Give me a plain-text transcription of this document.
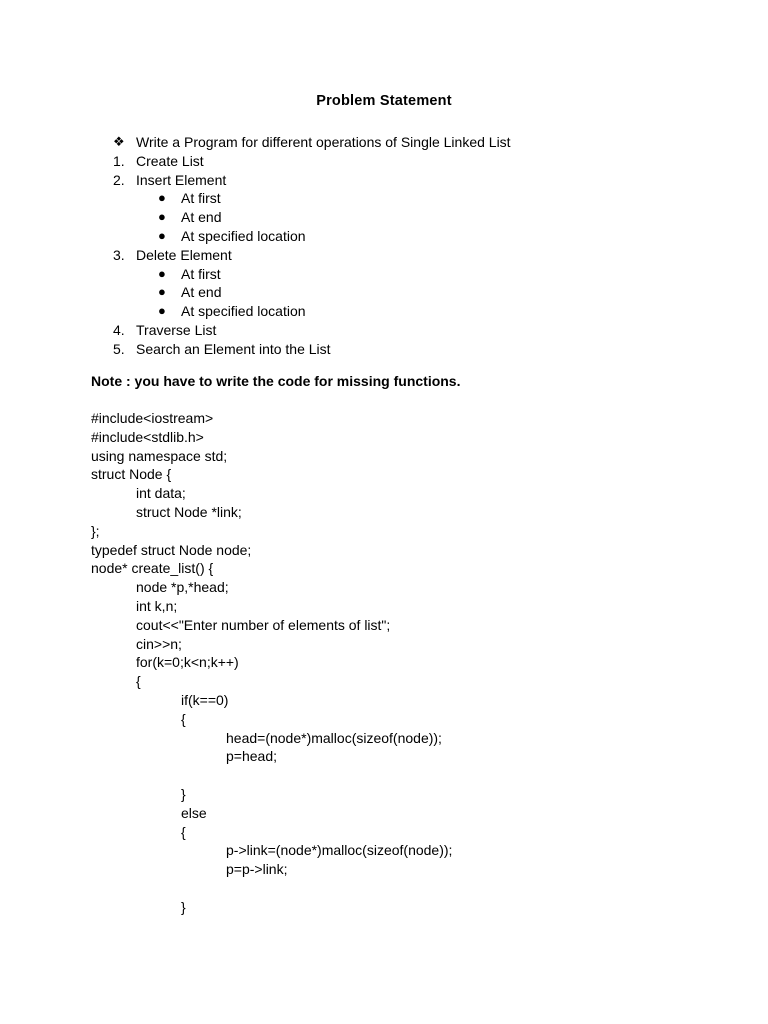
Problem Statement
❖ Write a Program for different operations of Single Linked List
1. Create List
2. Insert Element
● At first
● At end
● At specified location
3. Delete Element
● At first
● At end
● At specified location
4. Traverse List
5. Search an Element into the List
Note : you have to write the code for missing functions.
#include<iostream>
#include<stdlib.h>
using namespace std;
struct Node {
int data;
struct Node *link;
};
typedef struct Node node;
node* create_list() {
node *p,*head;
int k,n;
cout<<"Enter number of elements of list";
cin>>n;
for(k=0;k<n;k++)
{
if(k==0)
{
head=(node*)malloc(sizeof(node));
p=head;
}
else
{
p->link=(node*)malloc(sizeof(node));
p=p->link;
}
